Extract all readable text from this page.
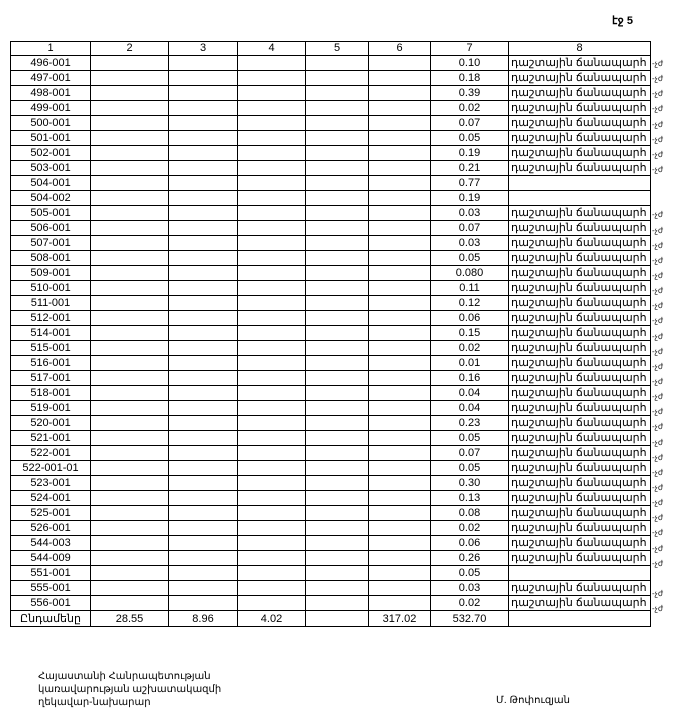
էջ 5
1	2	3	4	5	6	7	8
496-001						0.10	դաշտային ճանապարհ
497-001						0.18	դաշտային ճանապարհ
498-001						0.39	դաշտային ճանապարհ
499-001						0.02	դաշտային ճանապարհ
500-001						0.07	դաշտային ճանապարհ
501-001						0.05	դաշտային ճանապարհ
502-001						0.19	դաշտային ճանապարհ
503-001						0.21	դաշտային ճանապարհ
504-001						0.77	
504-002						0.19	
505-001						0.03	դաշտային ճանապարհ
506-001						0.07	դաշտային ճանապարհ
507-001						0.03	դաշտային ճանապարհ
508-001						0.05	դաշտային ճանապարհ
509-001						0.080	դաշտային ճանապարհ
510-001						0.11	դաշտային ճանապարհ
511-001						0.12	դաշտային ճանապարհ
512-001						0.06	դաշտային ճանապարհ
514-001						0.15	դաշտային ճանապարհ
515-001						0.02	դաշտային ճանապարհ
516-001						0.01	դաշտային ճանապարհ
517-001						0.16	դաշտային ճանապարհ
518-001						0.04	դաշտային ճանապարհ
519-001						0.04	դաշտային ճանապարհ
520-001						0.23	դաշտային ճանապարհ
521-001						0.05	դաշտային ճանապարհ
522-001						0.07	դաշտային ճանապարհ
522-001-01						0.05	դաշտային ճանապարհ
523-001						0.30	դաշտային ճանապարհ
524-001						0.13	դաշտային ճանապարհ
525-001						0.08	դաշտային ճանապարհ
526-001						0.02	դաշտային ճանապարհ
544-003						0.06	դաշտային ճանապարհ
544-009						0.26	դաշտային ճանապարհ
551-001						0.05	
555-001						0.03	դաշտային ճանապարհ
556-001						0.02	դաշտային ճանապարհ
Ընդամենը	28.55	8.96	4.02		317.02	532.70	
-չժ
-չժ
-չժ
-չժ
-չժ
-չժ
-չժ
-չժ
-չժ
-չժ
-չժ
-չժ
-չժ
-չժ
-չժ
-չժ
-չժ
-չժ
-չժ
-չժ
-չժ
-չժ
-չժ
-չժ
-չժ
-չժ
-չժ
-չժ
-չժ
-չժ
-չժ
-չժ
-չժ
-չժ
Հայաստանի Հանրապետության
կառավարության աշխատակազմի
ղեկավար-նախարար	Մ. Թոփուզյան
